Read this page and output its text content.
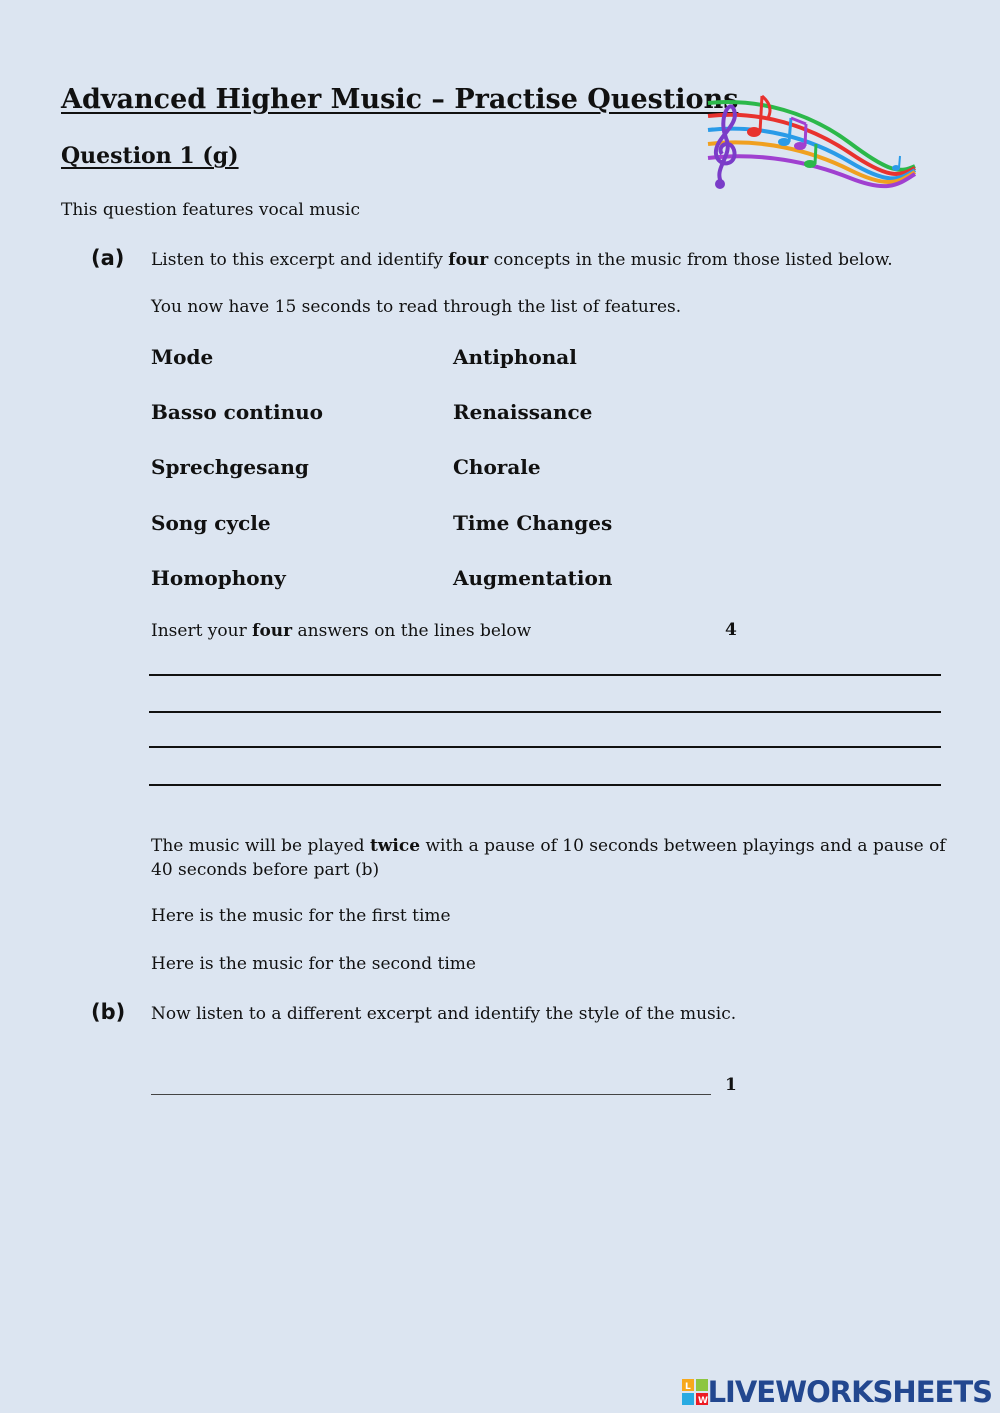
Advanced Higher Music – Practise Questions
Question 1 (g)
This question features vocal music
(a) Listen to this excerpt and identify four concepts in the music from those listed below.
You now have 15 seconds to read through the list of features.
Mode
Basso continuo
Sprechgesang
Song cycle
Homophony
Antiphonal
Renaissance
Chorale
Time Changes
Augmentation
Insert your four answers on the lines below	4
The music will be played twice with a pause of 10 seconds between playings and a pause of
40 seconds before part (b)
Here is the music for the first time
Here is the music for the second time
(b) Now listen to a different excerpt and identify the style of the music.
1
L
W LIVEWORKSHEETS
